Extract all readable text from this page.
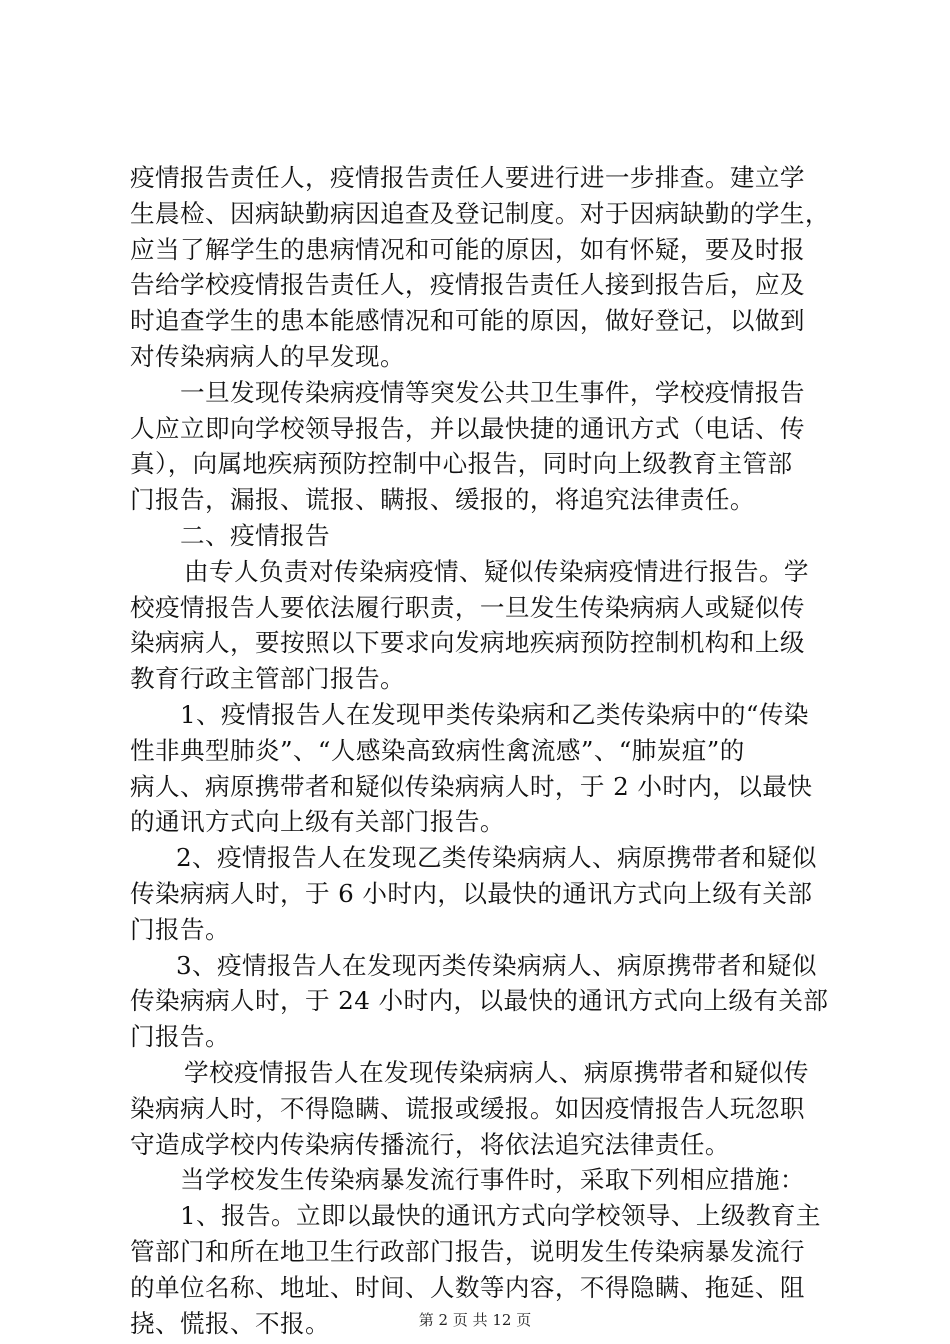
疫情报告责任人，疫情报告责任人要进行进一步排查。建立学
生晨检、因病缺勤病因追查及登记制度。对于因病缺勤的学生，
应当了解学生的患病情况和可能的原因，如有怀疑，要及时报
告给学校疫情报告责任人，疫情报告责任人接到报告后，应及
时追查学生的患本能感情况和可能的原因，做好登记，以做到
对传染病病人的早发现。
一旦发现传染病疫情等突发公共卫生事件，学校疫情报告
人应立即向学校领导报告，并以最快捷的通讯方式（电话、传
真），向属地疾病预防控制中心报告，同时向上级教育主管部
门报告，漏报、谎报、瞒报、缓报的，将追究法律责任。
二、疫情报告
由专人负责对传染病疫情、疑似传染病疫情进行报告。学
校疫情报告人要依法履行职责，一旦发生传染病病人或疑似传
染病病人，要按照以下要求向发病地疾病预防控制机构和上级
教育行政主管部门报告。
1、疫情报告人在发现甲类传染病和乙类传染病中的“传染
性非典型肺炎”、“人感染高致病性禽流感”、“肺炭疽”的
病人、病原携带者和疑似传染病病人时，于 2 小时内，以最快
的通讯方式向上级有关部门报告。
2、疫情报告人在发现乙类传染病病人、病原携带者和疑似
传染病病人时，于 6 小时内，以最快的通讯方式向上级有关部
门报告。
3、疫情报告人在发现丙类传染病病人、病原携带者和疑似
传染病病人时，于 24 小时内，以最快的通讯方式向上级有关部
门报告。
学校疫情报告人在发现传染病病人、病原携带者和疑似传
染病病人时，不得隐瞒、谎报或缓报。如因疫情报告人玩忽职
守造成学校内传染病传播流行，将依法追究法律责任。
当学校发生传染病暴发流行事件时，采取下列相应措施：
1、报告。立即以最快的通讯方式向学校领导、上级教育主
管部门和所在地卫生行政部门报告，说明发生传染病暴发流行
的单位名称、地址、时间、人数等内容，不得隐瞒、拖延、阻
挠、慌报、不报。	第 2 页 共 12 页
